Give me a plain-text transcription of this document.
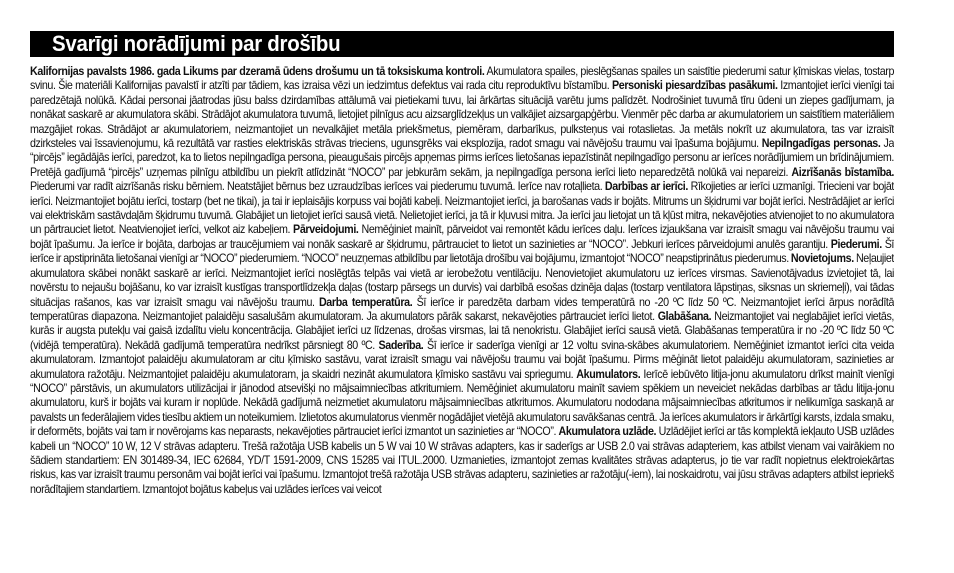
Svarīgi norādījumi par drošību
Kalifornijas pavalsts 1986. gada Likums par dzeramā ūdens drošumu un tā toksiskuma kontroli. Akumulatora spailes, pieslēgšanas spailes un saistītie piederumi satur ķīmiskas vielas, tostarp svinu. Šie materiāli Kalifornijas pavalstī ir atzīti par tādiem, kas izraisa vēzi un iedzimtus defektus vai rada citu reproduktīvu bīstamību. Personiski piesardzības pasākumi. Izmantojiet ierīci vienīgi tai paredzētajā nolūkā. Kādai personai jāatrodas jūsu balss dzirdamības attālumā vai pietiekami tuvu, lai ārkārtas situācijā varētu jums palīdzēt. Nodrošiniet tuvumā tīru ūdeni un ziepes gadījumam, ja nonākat saskarē ar akumulatora skābi. Strādājot akumulatora tuvumā, lietojiet pilnīgus acu aizsarglīdzekļus un valkājiet aizsargapģērbu. Vienmēr pēc darba ar akumulatoriem un saistītiem materiāliem mazgājiet rokas. Strādājot ar akumulatoriem, neizmantojiet un nevalkājiet metāla priekšmetus, piemēram, darbarīkus, pulksteņus vai rotaslietas. Ja metāls nokrīt uz akumulatora, tas var izraisīt dzirksteles vai īssavienojumu, kā rezultātā var rasties elektriskās strāvas trieciens, ugunsgrēks vai eksplozija, radot smagu vai nāvējošu traumu vai īpašuma bojājumu. Nepilngadīgas personas. Ja “pircējs” iegādājās ierīci, paredzot, ka to lietos nepilngadīga persona, pieaugušais pircējs apņemas pirms ierīces lietošanas iepazīstināt nepilngadīgo personu ar ierīces norādījumiem un brīdinājumiem. Pretējā gadījumā “pircējs” uzņemas pilnīgu atbildību un piekrīt atlīdzināt “NOCO” par jebkurām sekām, ja nepilngadīga persona ierīci lieto neparedzētā nolūkā vai nepareizi. Aizrīšanās bīstamība. Piederumi var radīt aizrīšanās risku bērniem. Neatstājiet bērnus bez uzraudzības ierīces vai piederumu tuvumā. Ierīce nav rotaļlieta. Darbības ar ierīci. Rīkojieties ar ierīci uzmanīgi. Triecieni var bojāt ierīci. Neizmantojiet bojātu ierīci, tostarp (bet ne tikai), ja tai ir ieplaisājis korpuss vai bojāti kabeļi. Neizmantojiet ierīci, ja barošanas vads ir bojāts. Mitrums un šķidrumi var bojāt ierīci. Nestrādājiet ar ierīci vai elektriskām sastāvdaļām šķidrumu tuvumā. Glabājiet un lietojiet ierīci sausā vietā. Nelietojiet ierīci, ja tā ir kļuvusi mitra. Ja ierīci jau lietojat un tā kļūst mitra, nekavējoties atvienojiet to no akumulatora un pārtrauciet lietot. Neatvienojiet ierīci, velkot aiz kabeļiem. Pārveidojumi. Nemēģiniet mainīt, pārveidot vai remontēt kādu ierīces daļu. Ierīces izjaukšana var izraisīt smagu vai nāvējošu traumu vai bojāt īpašumu. Ja ierīce ir bojāta, darbojas ar traucējumiem vai nonāk saskarē ar šķidrumu, pārtrauciet to lietot un sazinieties ar “NOCO”. Jebkuri ierīces pārveidojumi anulēs garantiju. Piederumi. Šī ierīce ir apstiprināta lietošanai vienīgi ar “NOCO” piederumiem. “NOCO” neuzņemas atbildību par lietotāja drošību vai bojājumu, izmantojot “NOCO” neapstiprinātus piederumus. Novietojums. Neļaujiet akumulatora skābei nonākt saskarē ar ierīci. Neizmantojiet ierīci noslēgtās telpās vai vietā ar ierobežotu ventilāciju. Nenovietojiet akumulatoru uz ierīces virsmas. Savienotājvadus izvietojiet tā, lai novērstu to nejaušu bojāšanu, ko var izraisīt kustīgas transportlīdzekļa daļas (tostarp pārsegs un durvis) vai darbībā esošas dzinēja daļas (tostarp ventilatora lāpstiņas, siksnas un skriemeļi), vai tādas situācijas rašanos, kas var izraisīt smagu vai nāvējošu traumu. Darba temperatūra. Šī ierīce ir paredzēta darbam vides temperatūrā no -20 ºC līdz 50 ºC. Neizmantojiet ierīci ārpus norādītā temperatūras diapazona. Neizmantojiet palaidēju sasalušām akumulatoram. Ja akumulators pārāk sakarst, nekavējoties pārtrauciet ierīci lietot. Glabāšana. Neizmantojiet vai neglabājiet ierīci vietās, kurās ir augsta putekļu vai gaisā izdalītu vielu koncentrācija. Glabājiet ierīci uz līdzenas, drošas virsmas, lai tā nenokristu. Glabājiet ierīci sausā vietā. Glabāšanas temperatūra ir no -20 ºC līdz 50 ºC (vidējā temperatūra). Nekādā gadījumā temperatūra nedrīkst pārsniegt 80 ºC. Saderība. Šī ierīce ir saderīga vienīgi ar 12 voltu svina-skābes akumulatoriem. Nemēģiniet izmantot ierīci cita veida akumulatoram. Izmantojot palaidēju akumulatoram ar citu ķīmisko sastāvu, varat izraisīt smagu vai nāvējošu traumu vai bojāt īpašumu. Pirms mēģināt lietot palaidēju akumulatoram, sazinieties ar akumulatora ražotāju. Neizmantojiet palaidēju akumulatoram, ja skaidri nezināt akumulatora ķīmisko sastāvu vai spriegumu. Akumulators. Ierīcē iebūvēto litija-jonu akumulatoru drīkst mainīt vienīgi “NOCO” pārstāvis, un akumulators utilizācijai ir jānodod atsevišķi no mājsaimniecības atkritumiem. Nemēģiniet akumulatoru mainīt saviem spēkiem un neveiciet nekādas darbības ar tādu litija-jonu akumulatoru, kurš ir bojāts vai kuram ir noplūde. Nekādā gadījumā neizmetiet akumulatoru mājsaimniecības atkritumos. Akumulatoru nododana mājsaimniecības atkritumos ir nelikumīga saskaņā ar pavalsts un federālajiem vides tiesību aktiem un noteikumiem. Izlietotos akumulatorus vienmēr nogādājiet vietējā akumulatoru savākšanas centrā. Ja ierīces akumulators ir ārkārtīgi karsts, izdala smaku, ir deformēts, bojāts vai tam ir novērojams kas neparasts, nekavējoties pārtrauciet ierīci izmantot un sazinieties ar “NOCO”. Akumulatora uzlāde. Uzlādējiet ierīci ar tās komplektā iekļauto USB uzlādes kabeli un “NOCO” 10 W, 12 V strāvas adapteru. Trešā ražotāja USB kabelis un 5 W vai 10 W strāvas adapters, kas ir saderīgs ar USB 2.0 vai strāvas adapteriem, kas atbilst vienam vai vairākiem no šādiem standartiem: EN 301489-34, IEC 62684, YD/T 1591-2009, CNS 15285 vai ITUL.2000. Uzmanieties, izmantojot zemas kvalitātes strāvas adapterus, jo tie var radīt nopietnus elektroiekārtas riskus, kas var izraisīt traumu personām vai bojāt ierīci vai īpašumu. Izmantojot trešā ražotāja USB strāvas adapteru, sazinieties ar ražotāju(-iem), lai noskaidrotu, vai jūsu strāvas adapters atbilst iepriekš norādītajiem standartiem. Izmantojot bojātus kabeļus vai uzlādes ierīces vai veicot
